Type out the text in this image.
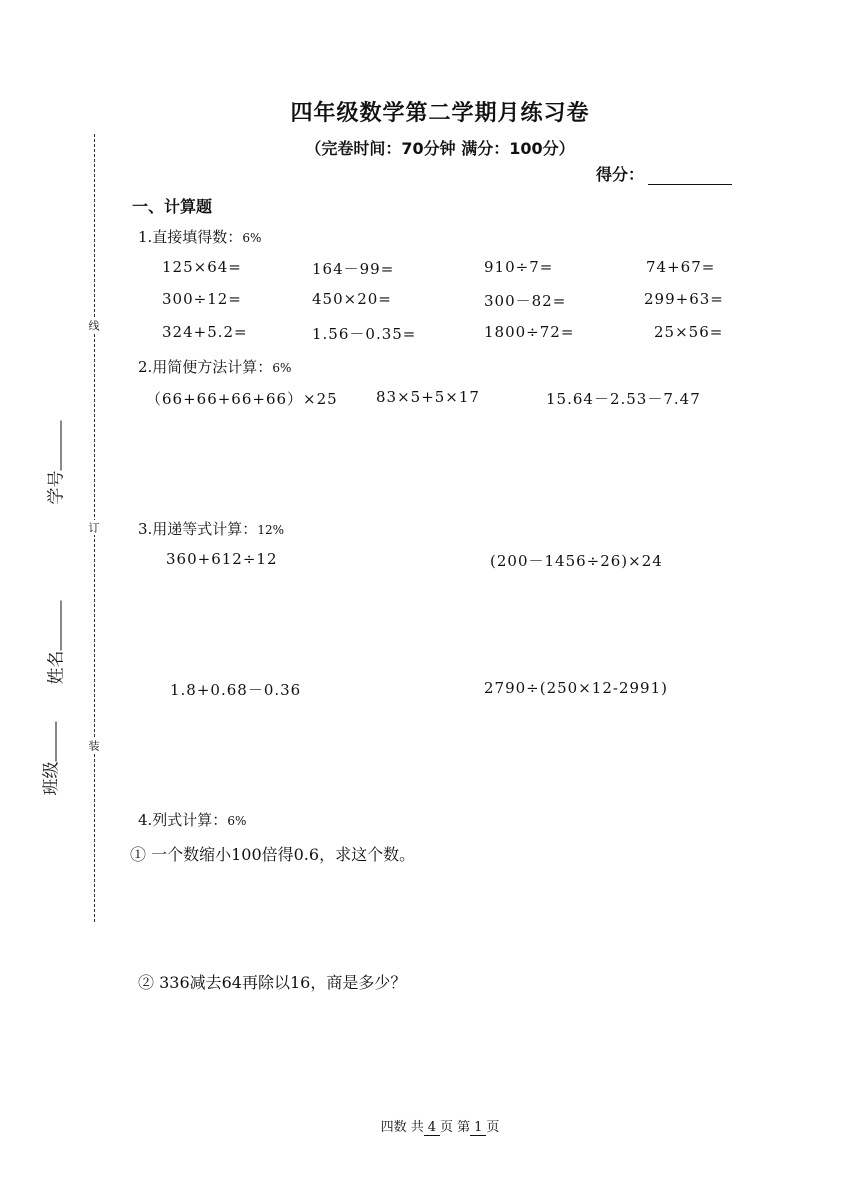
线
订
装
学号
姓名
班级
四年级数学第二学期月练习卷
（完卷时间：70分钟 满分：100分）
得分：
一、计算题
1.直接填得数：6%
125×64=	164－99=	910÷7=	74+67=
300÷12=	450×20=	300－82=	299+63=
324+5.2=	1.56－0.35=	1800÷72=	25×56=
2.用简便方法计算：6%
（66+66+66+66）×25	83×5+5×17	15.64－2.53－7.47
3.用递等式计算：12%
360+612÷12	(200－1456÷26)×24
1.8+0.68－0.36	2790÷(250×12-2991)
4.列式计算：6%
① 一个数缩小100倍得0.6，求这个数。
② 336减去64再除以16，商是多少？
四数 共 4 页 第 1 页
